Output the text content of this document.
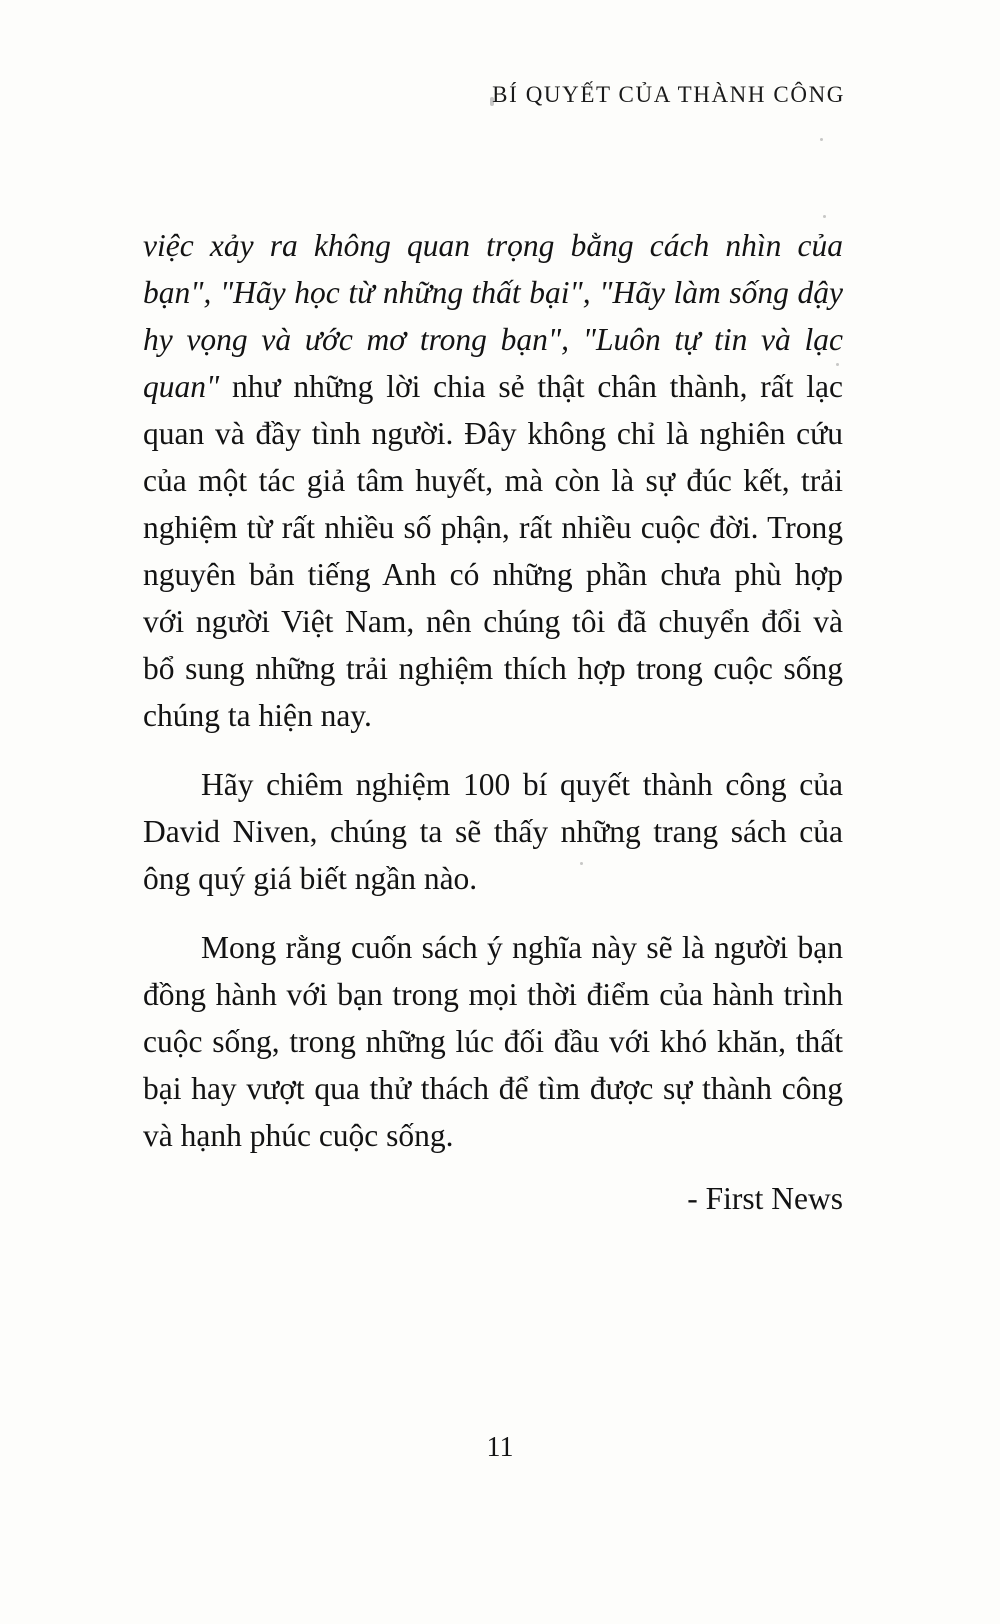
BÍ QUYẾT CỦA THÀNH CÔNG

việc xảy ra không quan trọng bằng cách nhìn của bạn", "Hãy học từ những thất bại", "Hãy làm sống dậy hy vọng và ước mơ trong bạn", "Luôn tự tin và lạc quan" như những lời chia sẻ thật chân thành, rất lạc quan và đầy tình người. Đây không chỉ là nghiên cứu của một tác giả tâm huyết, mà còn là sự đúc kết, trải nghiệm từ rất nhiều số phận, rất nhiều cuộc đời. Trong nguyên bản tiếng Anh có những phần chưa phù hợp với người Việt Nam, nên chúng tôi đã chuyển đổi và bổ sung những trải nghiệm thích hợp trong cuộc sống chúng ta hiện nay.

Hãy chiêm nghiệm 100 bí quyết thành công của David Niven, chúng ta sẽ thấy những trang sách của ông quý giá biết ngần nào.

Mong rằng cuốn sách ý nghĩa này sẽ là người bạn đồng hành với bạn trong mọi thời điểm của hành trình cuộc sống, trong những lúc đối đầu với khó khăn, thất bại hay vượt qua thử thách để tìm được sự thành công và hạnh phúc cuộc sống.

- First News

11
